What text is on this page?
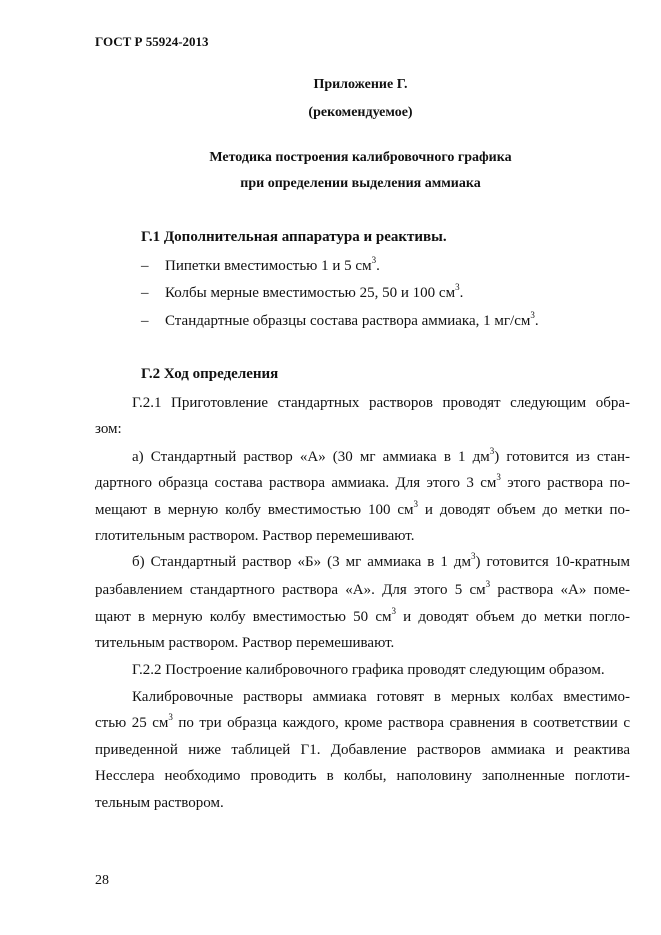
ГОСТ Р 55924-2013
Приложение Г.
(рекомендуемое)
Методика построения калибровочного графика
при определении выделения аммиака
Г.1 Дополнительная аппаратура и реактивы.
– Пипетки вместимостью 1 и 5 $см^3$.
– Колбы мерные вместимостью 25, 50 и 100 $см^3$.
– Стандартные образцы состава раствора аммиака, 1 $мг/см^3$.
Г.2 Ход определения
Г.2.1 Приготовление стандартных растворов проводят следующим обра-
зом:
а) Стандартный раствор «А» (30 мг аммиака в 1 $дм^3$) готовится из стан-
дартного образца состава раствора аммиака. Для этого 3 $см^3$ этого раствора по-
мещают в мерную колбу вместимостью 100 $см^3$ и доводят объем до метки по-
глотительным раствором. Раствор перемешивают.
б) Стандартный раствор «Б» (3 мг аммиака в 1 $дм^3$) готовится 10-кратным
разбавлением стандартного раствора «А». Для этого 5 $см^3$ раствора «А» поме-
щают в мерную колбу вместимостью 50 $см^3$ и доводят объем до метки погло-
тительным раствором. Раствор перемешивают.
Г.2.2 Построение калибровочного графика проводят следующим образом.
Калибровочные растворы аммиака готовят в мерных колбах вместимо-
стью 25 $см^3$ по три образца каждого, кроме раствора сравнения в соответствии с
приведенной ниже таблицей Г1. Добавление растворов аммиака и реактива
Несслера необходимо проводить в колбы, наполовину заполненные поглоти-
тельным раствором.
28
